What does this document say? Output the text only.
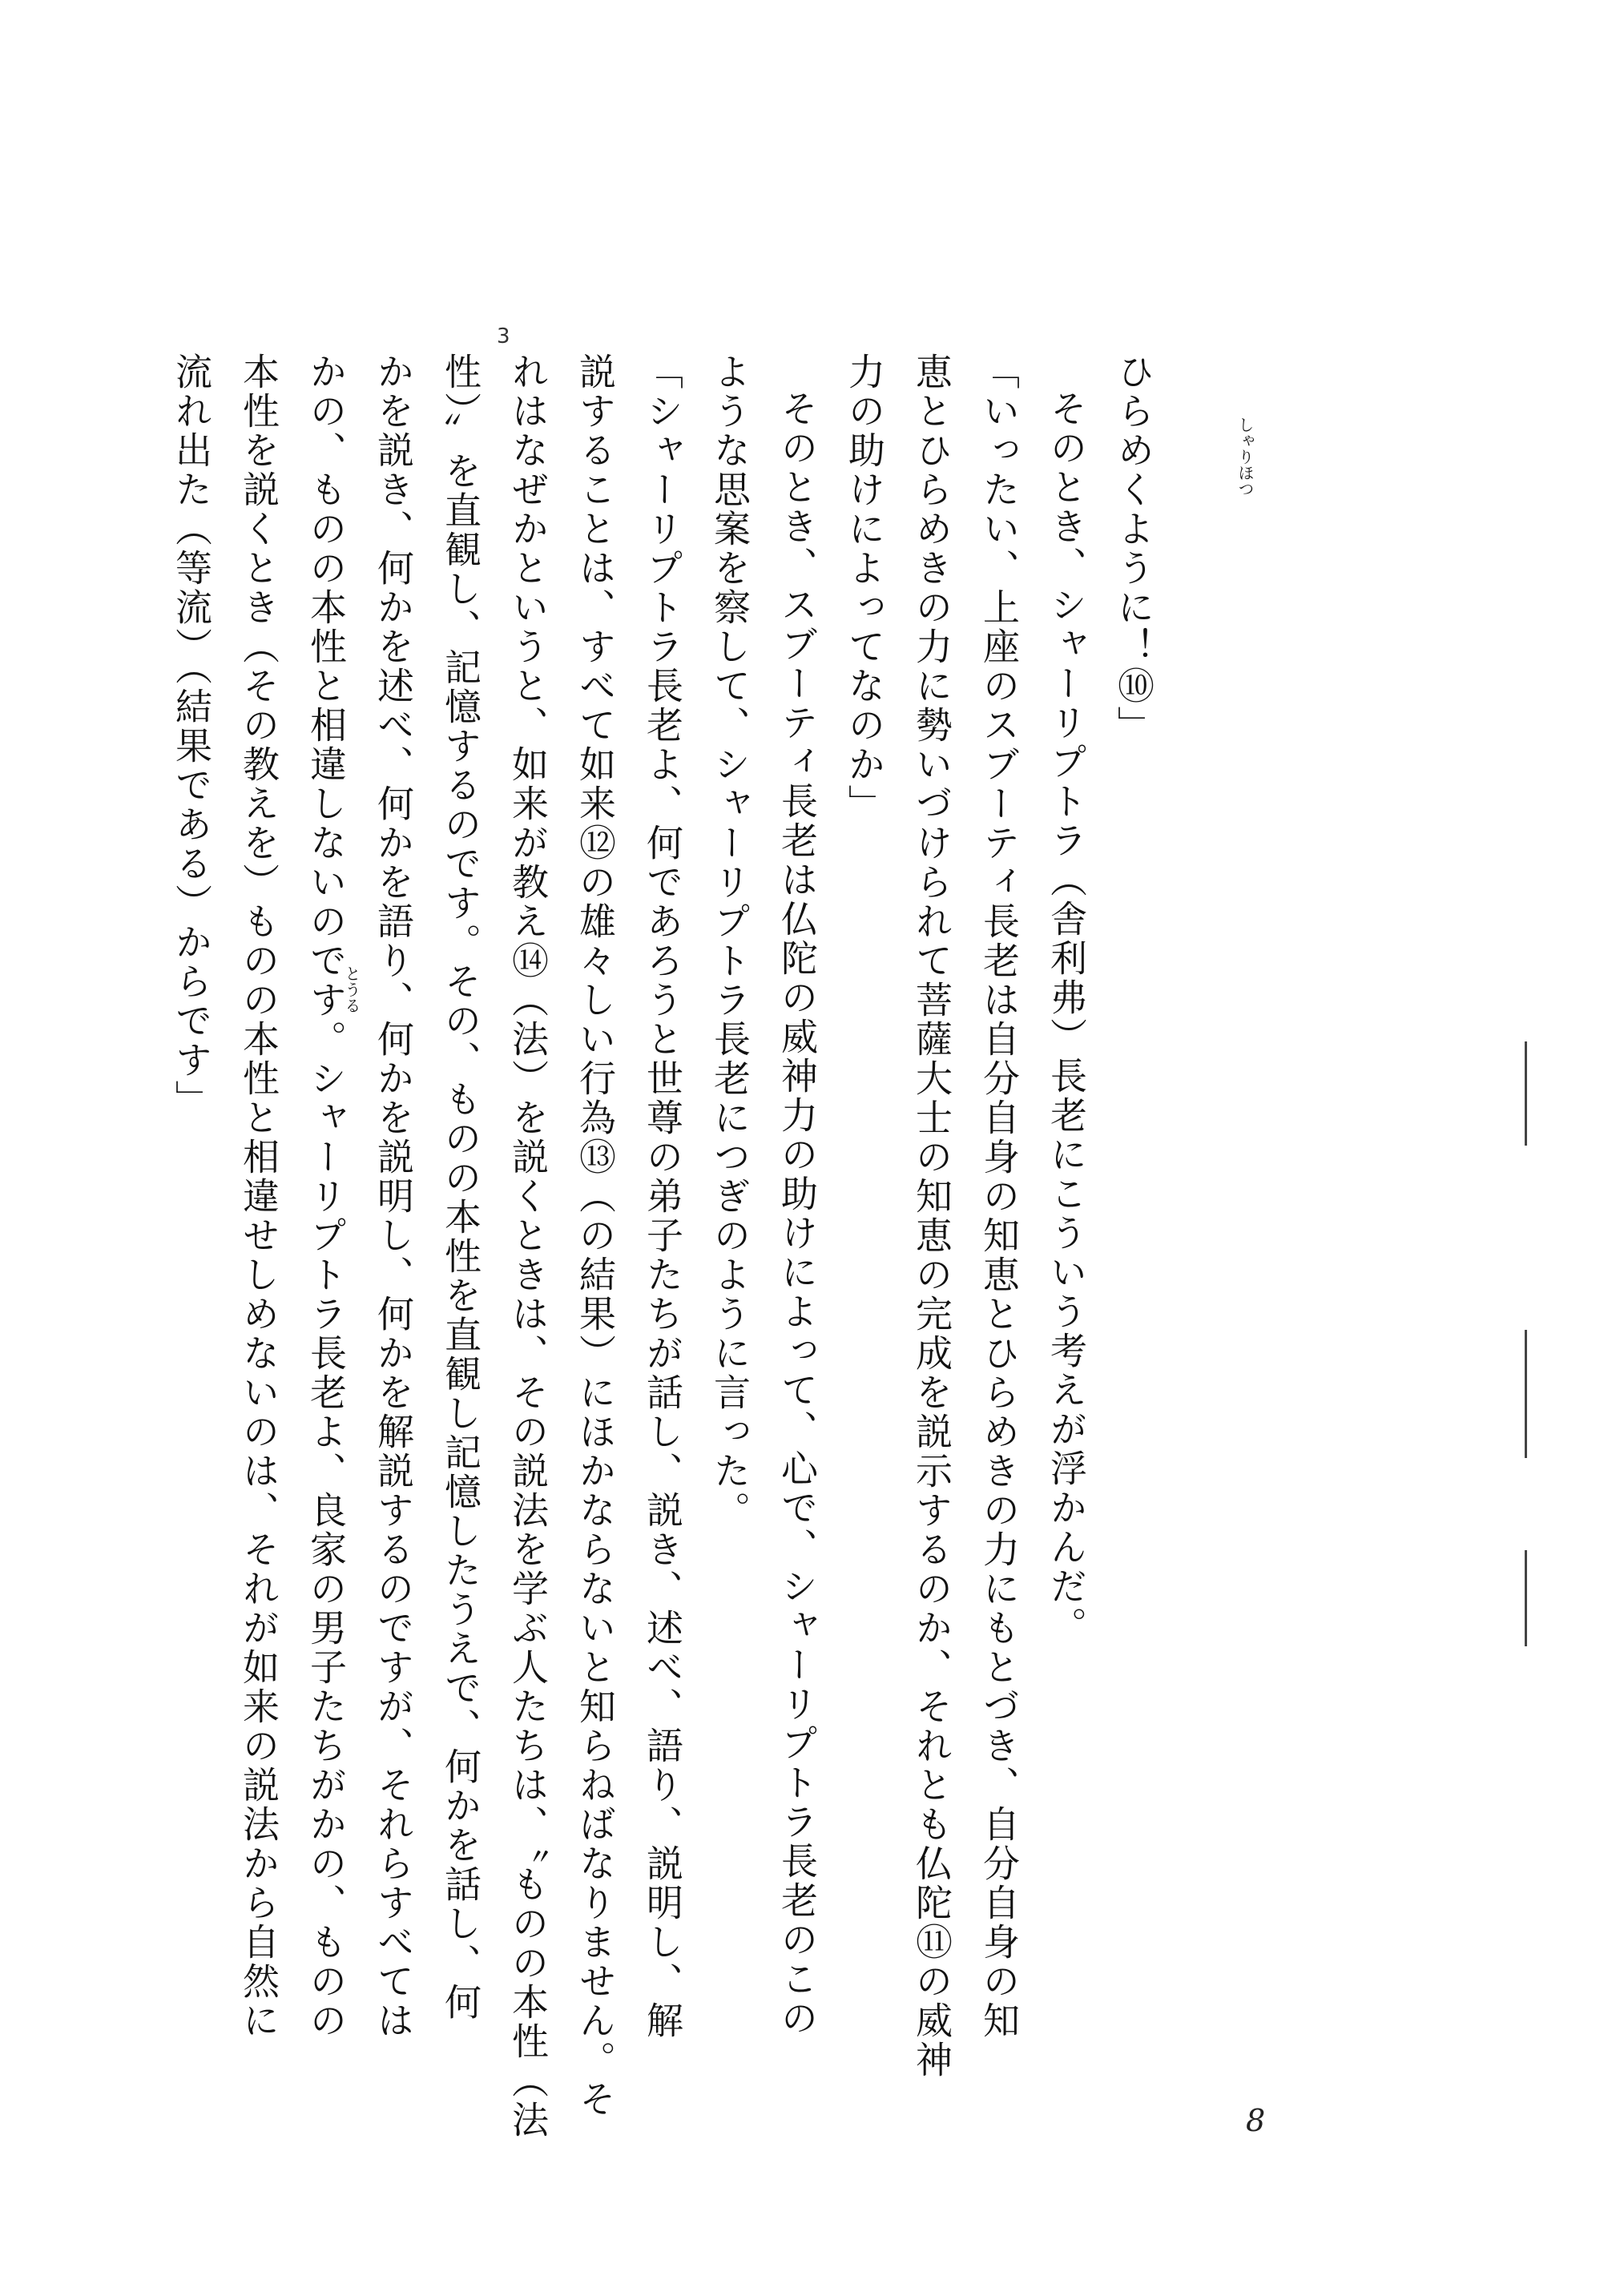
3
ひらめくように！⑩」
そのとき、シャーリプトラ（舎利弗）長老にこういう考えが浮かんだ。
「いったい、上座のスブーティ長老は自分自身の知恵とひらめきの力にもとづき、自分自身の知
恵とひらめきの力に勢いづけられて菩薩大士の知恵の完成を説示するのか、それとも仏陀⑪の威神
力の助けによってなのか」
そのとき、スブーティ長老は仏陀の威神力の助けによって、心で、シャーリプトラ長老のこの
ような思案を察して、シャーリプトラ長老につぎのように言った。
「シャーリプトラ長老よ、何であろうと世尊の弟子たちが話し、説き、述べ、語り、説明し、解
説することは、すべて如来⑫の雄々しい行為⑬（の結果）にほかならないと知らねばなりません。そ
れはなぜかというと、如来が教え⑭（法）を説くときは、その説法を学ぶ人たちは、〝ものの本性（法
性）〟を直観し、記憶するのです。その、ものの本性を直観し記憶したうえで、何かを話し、何
かを説き、何かを述べ、何かを語り、何かを説明し、何かを解説するのですが、それらすべては
かの、ものの本性と相違しないのです。シャーリプトラ長老よ、良家の男子たちがかの、ものの
本性を説くとき（その教えを）ものの本性と相違せしめないのは、それが如来の説法から自然に
流れ出た（等流）（結果である）からです」
8
しゃりほつ
とうる
